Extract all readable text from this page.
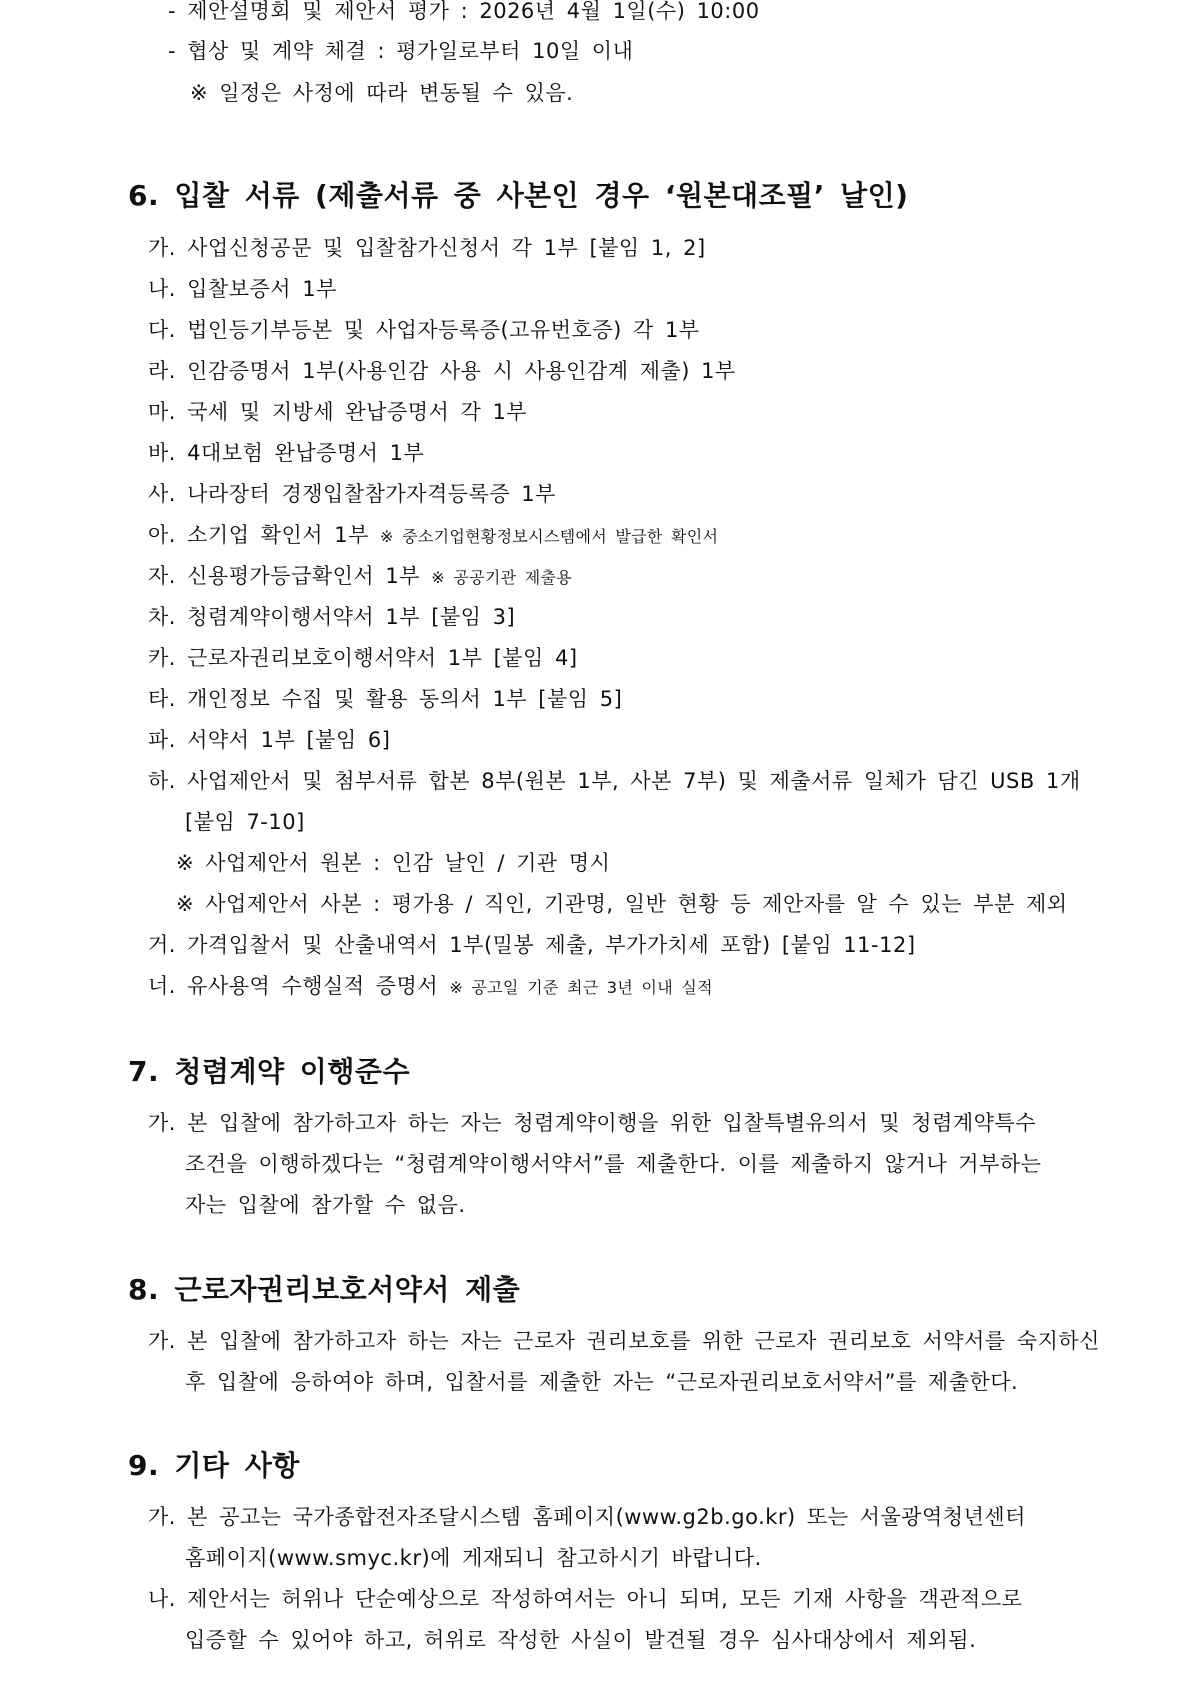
- 제안설명회 및 제안서 평가 : 2026년 4월 1일(수) 10:00
- 협상 및 계약 체결 : 평가일로부터 10일 이내
※ 일정은 사정에 따라 변동될 수 있음.
6. 입찰 서류 (제출서류 중 사본인 경우 ‘원본대조필’ 날인)
가. 사업신청공문 및 입찰참가신청서 각 1부 [붙임 1, 2]
나. 입찰보증서 1부
다. 법인등기부등본 및 사업자등록증(고유번호증) 각 1부
라. 인감증명서 1부(사용인감 사용 시 사용인감계 제출) 1부
마. 국세 및 지방세 완납증명서 각 1부
바. 4대보험 완납증명서 1부
사. 나라장터 경쟁입찰참가자격등록증 1부
아. 소기업 확인서 1부 ※ 중소기업현황정보시스템에서 발급한 확인서
자. 신용평가등급확인서 1부 ※ 공공기관 제출용
차. 청렴계약이행서약서 1부 [붙임 3]
카. 근로자권리보호이행서약서 1부 [붙임 4]
타. 개인정보 수집 및 활용 동의서 1부 [붙임 5]
파. 서약서 1부 [붙임 6]
하. 사업제안서 및 첨부서류 합본 8부(원본 1부, 사본 7부) 및 제출서류 일체가 담긴 USB 1개
[붙임 7-10]
※ 사업제안서 원본 : 인감 날인 / 기관 명시
※ 사업제안서 사본 : 평가용 / 직인, 기관명, 일반 현황 등 제안자를 알 수 있는 부분 제외
거. 가격입찰서 및 산출내역서 1부(밀봉 제출, 부가가치세 포함) [붙임 11-12]
너. 유사용역 수행실적 증명서 ※ 공고일 기준 최근 3년 이내 실적
7. 청렴계약 이행준수
가. 본 입찰에 참가하고자 하는 자는 청렴계약이행을 위한 입찰특별유의서 및 청렴계약특수
조건을 이행하겠다는 “청렴계약이행서약서”를 제출한다. 이를 제출하지 않거나 거부하는
자는 입찰에 참가할 수 없음.
8. 근로자권리보호서약서 제출
가. 본 입찰에 참가하고자 하는 자는 근로자 권리보호를 위한 근로자 권리보호 서약서를 숙지하신
후 입찰에 응하여야 하며, 입찰서를 제출한 자는 “근로자권리보호서약서”를 제출한다.
9. 기타 사항
가. 본 공고는 국가종합전자조달시스템 홈페이지(www.g2b.go.kr) 또는 서울광역청년센터
홈페이지(www.smyc.kr)에 게재되니 참고하시기 바랍니다.
나. 제안서는 허위나 단순예상으로 작성하여서는 아니 되며, 모든 기재 사항을 객관적으로
입증할 수 있어야 하고, 허위로 작성한 사실이 발견될 경우 심사대상에서 제외됨.
